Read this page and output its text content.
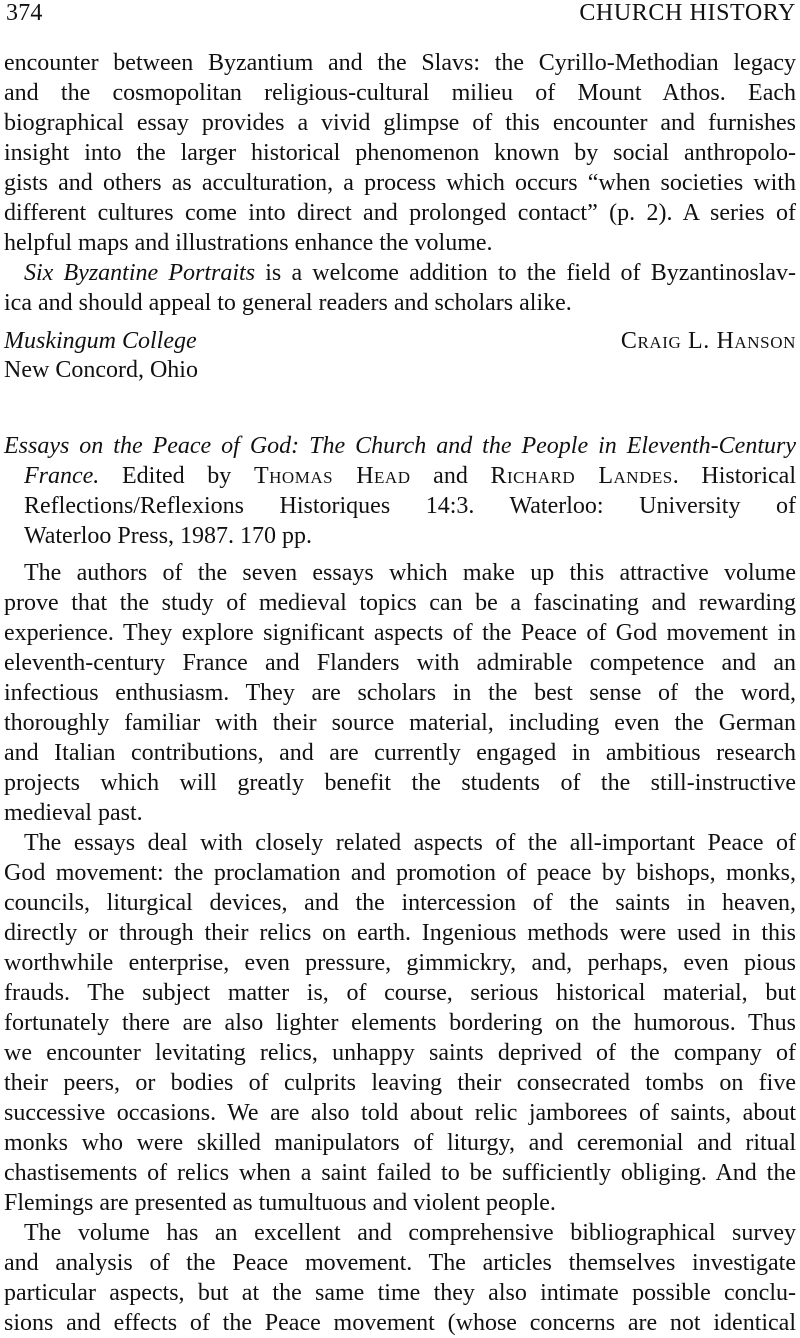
374	CHURCH HISTORY
encounter between Byzantium and the Slavs: the Cyrillo-Methodian legacy
and the cosmopolitan religious-cultural milieu of Mount Athos. Each
biographical essay provides a vivid glimpse of this encounter and furnishes
insight into the larger historical phenomenon known by social anthropolo-
gists and others as acculturation, a process which occurs “when societies with
different cultures come into direct and prolonged contact” (p. 2). A series of
helpful maps and illustrations enhance the volume.
Six Byzantine Portraits is a welcome addition to the field of Byzantinoslav-
ica and should appeal to general readers and scholars alike.
Muskingum College	Craig L. Hanson
New Concord, Ohio
Essays on the Peace of God: The Church and the People in Eleventh-Century
France. Edited by Thomas Head and Richard Landes. Historical
Reflections/Reflexions Historiques 14:3. Waterloo: University of
Waterloo Press, 1987. 170 pp.
The authors of the seven essays which make up this attractive volume
prove that the study of medieval topics can be a fascinating and rewarding
experience. They explore significant aspects of the Peace of God movement in
eleventh-century France and Flanders with admirable competence and an
infectious enthusiasm. They are scholars in the best sense of the word,
thoroughly familiar with their source material, including even the German
and Italian contributions, and are currently engaged in ambitious research
projects which will greatly benefit the students of the still-instructive
medieval past.
The essays deal with closely related aspects of the all-important Peace of
God movement: the proclamation and promotion of peace by bishops, monks,
councils, liturgical devices, and the intercession of the saints in heaven,
directly or through their relics on earth. Ingenious methods were used in this
worthwhile enterprise, even pressure, gimmickry, and, perhaps, even pious
frauds. The subject matter is, of course, serious historical material, but
fortunately there are also lighter elements bordering on the humorous. Thus
we encounter levitating relics, unhappy saints deprived of the company of
their peers, or bodies of culprits leaving their consecrated tombs on five
successive occasions. We are also told about relic jamborees of saints, about
monks who were skilled manipulators of liturgy, and ceremonial and ritual
chastisements of relics when a saint failed to be sufficiently obliging. And the
Flemings are presented as tumultuous and violent people.
The volume has an excellent and comprehensive bibliographical survey
and analysis of the Peace movement. The articles themselves investigate
particular aspects, but at the same time they also intimate possible conclu-
sions and effects of the Peace movement (whose concerns are not identical
